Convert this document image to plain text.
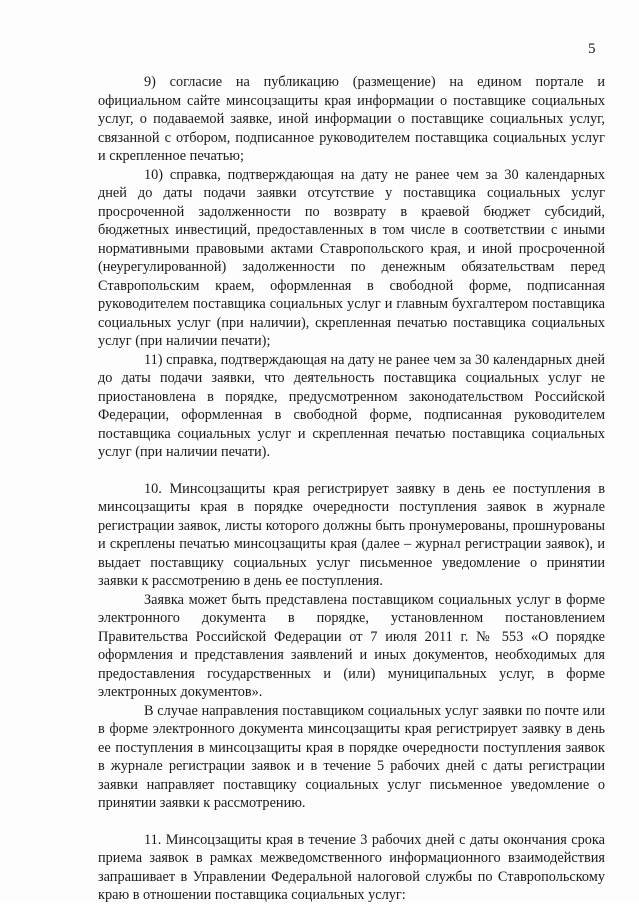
5

9) согласие на публикацию (размещение) на едином портале и официальном сайте минсоцзащиты края информации о поставщике социальных услуг, о подаваемой заявке, иной информации о поставщике социальных услуг, связанной с отбором, подписанное руководителем поставщика социальных услуг и скрепленное печатью;

10) справка, подтверждающая на дату не ранее чем за 30 календарных дней до даты подачи заявки отсутствие у поставщика социальных услуг просроченной задолженности по возврату в краевой бюджет субсидий, бюджетных инвестиций, предоставленных в том числе в соответствии с иными нормативными правовыми актами Ставропольского края, и иной просроченной (неурегулированной) задолженности по денежным обязательствам перед Ставропольским краем, оформленная в свободной форме, подписанная руководителем поставщика социальных услуг и главным бухгалтером поставщика социальных услуг (при наличии), скрепленная печатью поставщика социальных услуг (при наличии печати);

11) справка, подтверждающая на дату не ранее чем за 30 календарных дней до даты подачи заявки, что деятельность поставщика социальных услуг не приостановлена в порядке, предусмотренном законодательством Российской Федерации, оформленная в свободной форме, подписанная руководителем поставщика социальных услуг и скрепленная печатью поставщика социальных услуг (при наличии печати).

10. Минсоцзащиты края регистрирует заявку в день ее поступления в минсоцзащиты края в порядке очередности поступления заявок в журнале регистрации заявок, листы которого должны быть пронумерованы, прошнурованы и скреплены печатью минсоцзащиты края (далее – журнал регистрации заявок), и выдает поставщику социальных услуг письменное уведомление о принятии заявки к рассмотрению в день ее поступления.

Заявка может быть представлена поставщиком социальных услуг в форме электронного документа в порядке, установленном постановлением Правительства Российской Федерации от 7 июля 2011 г. № 553 «О порядке оформления и представления заявлений и иных документов, необходимых для предоставления государственных и (или) муниципальных услуг, в форме электронных документов».

В случае направления поставщиком социальных услуг заявки по почте или в форме электронного документа минсоцзащиты края регистрирует заявку в день ее поступления в минсоцзащиты края в порядке очередности поступления заявок в журнале регистрации заявок и в течение 5 рабочих дней с даты регистрации заявки направляет поставщику социальных услуг письменное уведомление о принятии заявки к рассмотрению.

11. Минсоцзащиты края в течение 3 рабочих дней с даты окончания срока приема заявок в рамках межведомственного информационного взаимодействия запрашивает в Управлении Федеральной налоговой службы по Ставропольскому краю в отношении поставщика социальных услуг:
